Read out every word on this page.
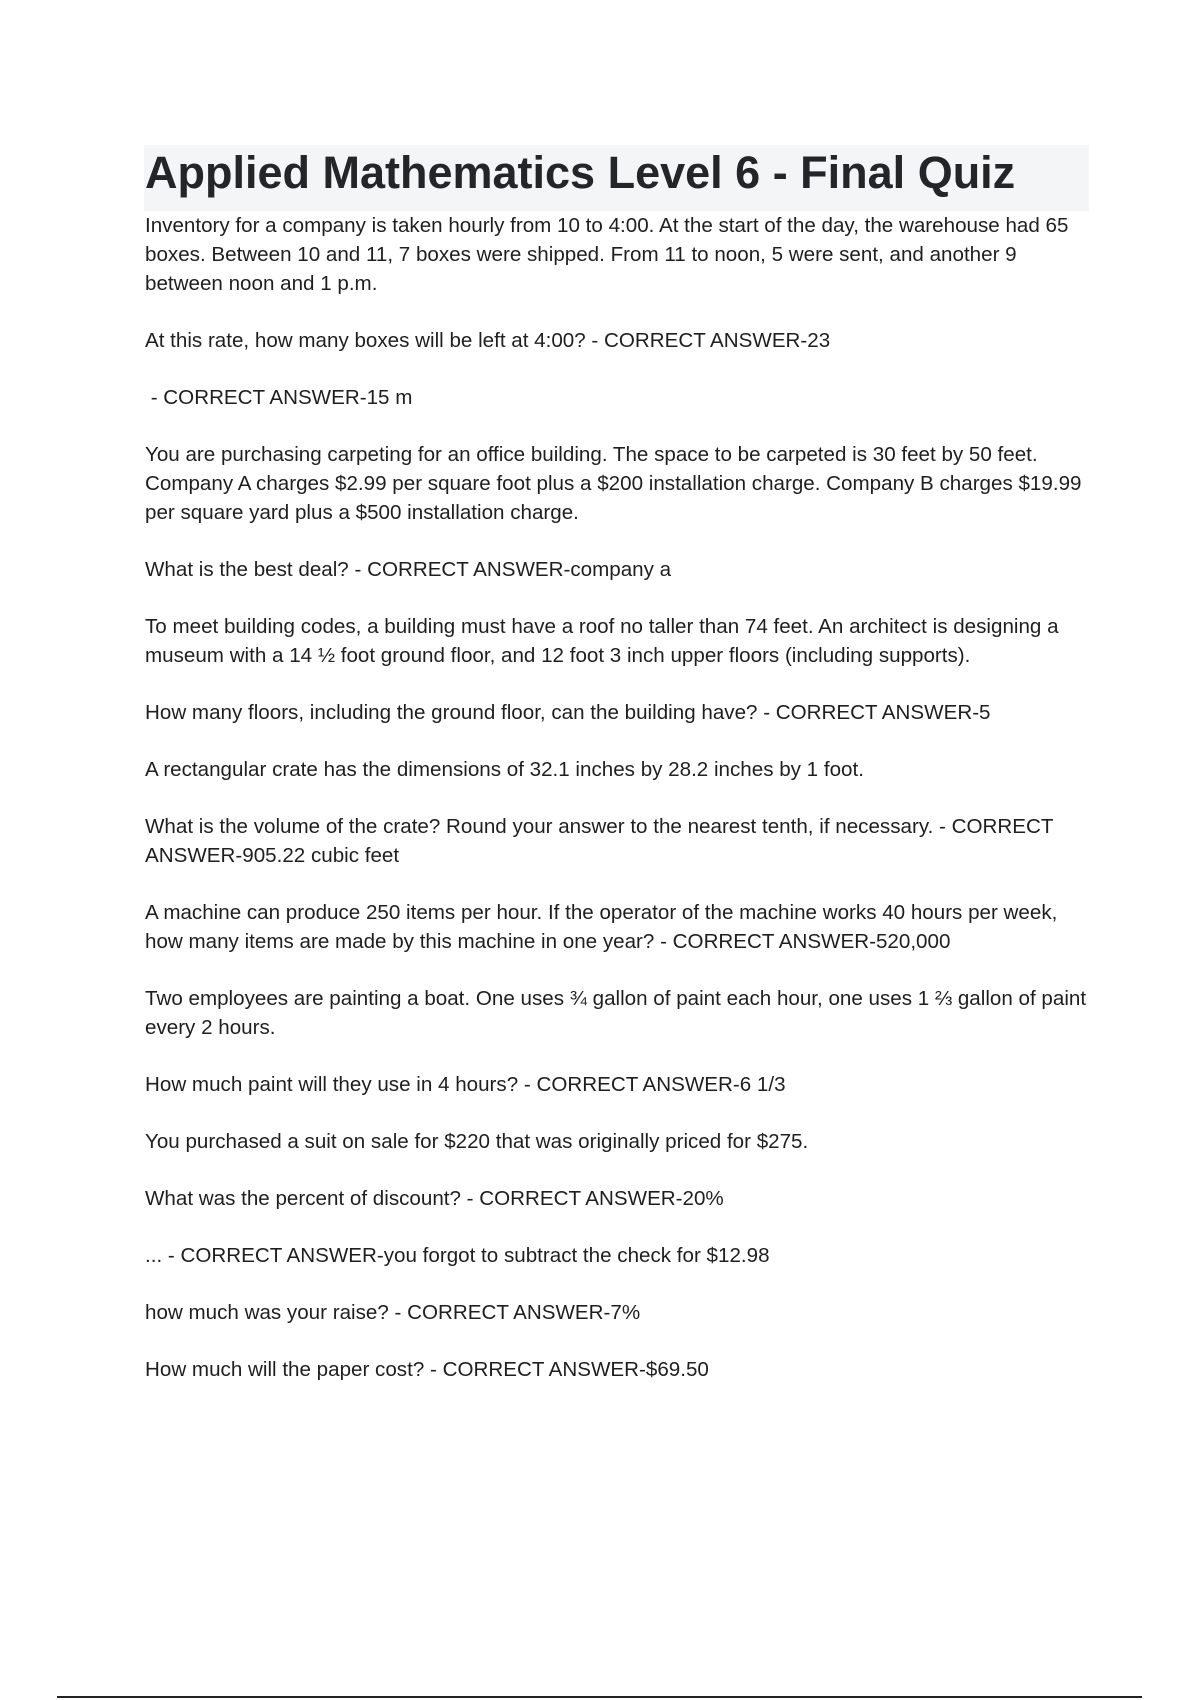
Applied Mathematics Level 6 - Final Quiz

Inventory for a company is taken hourly from 10 to 4:00. At the start of the day, the warehouse had 65 boxes. Between 10 and 11, 7 boxes were shipped. From 11 to noon, 5 were sent, and another 9 between noon and 1 p.m.

At this rate, how many boxes will be left at 4:00? - CORRECT ANSWER-23

- CORRECT ANSWER-15 m

You are purchasing carpeting for an office building. The space to be carpeted is 30 feet by 50 feet. Company A charges $2.99 per square foot plus a $200 installation charge. Company B charges $19.99 per square yard plus a $500 installation charge.

What is the best deal? - CORRECT ANSWER-company a

To meet building codes, a building must have a roof no taller than 74 feet. An architect is designing a museum with a 14 ½ foot ground floor, and 12 foot 3 inch upper floors (including supports).

How many floors, including the ground floor, can the building have? - CORRECT ANSWER-5

A rectangular crate has the dimensions of 32.1 inches by 28.2 inches by 1 foot.

What is the volume of the crate? Round your answer to the nearest tenth, if necessary. - CORRECT ANSWER-905.22 cubic feet

A machine can produce 250 items per hour. If the operator of the machine works 40 hours per week, how many items are made by this machine in one year? - CORRECT ANSWER-520,000

Two employees are painting a boat. One uses ¾ gallon of paint each hour, one uses 1 ⅔ gallon of paint every 2 hours.

How much paint will they use in 4 hours? - CORRECT ANSWER-6 1/3

You purchased a suit on sale for $220 that was originally priced for $275.

What was the percent of discount? - CORRECT ANSWER-20%

... - CORRECT ANSWER-you forgot to subtract the check for $12.98

how much was your raise? - CORRECT ANSWER-7%

How much will the paper cost? - CORRECT ANSWER-$69.50
